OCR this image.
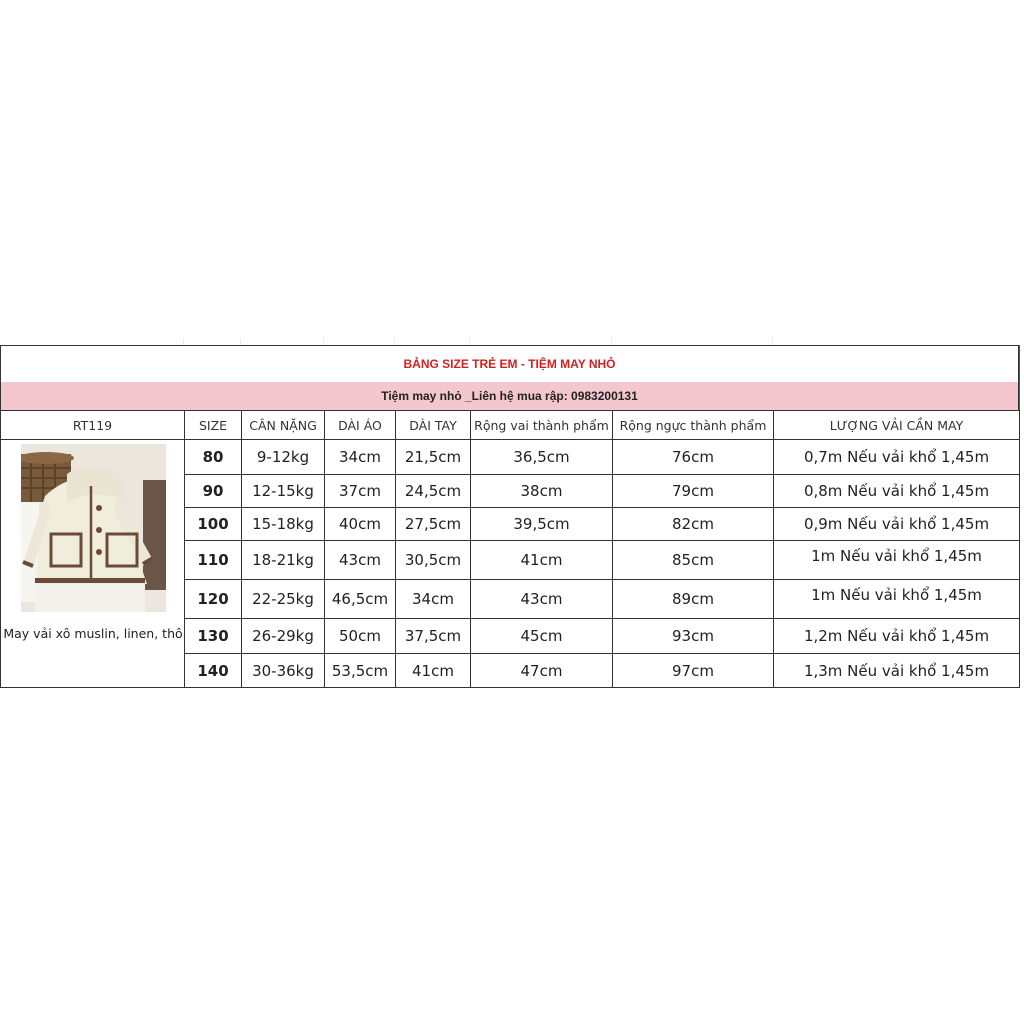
BẢNG SIZE TRẺ EM - TIỆM MAY NHỎ
Tiệm may nhỏ _Liên hệ mua rập: 0983200131
RT119	SIZE	CÂN NẶNG	DÀI ÁO	DÀI TAY	Rộng vai thành phẩm	Rộng ngực thành phẩm	LƯỢNG VẢI CẦN MAY

May vải xô muslin, linen, thô	80	9-12kg	34cm	21,5cm	36,5cm	76cm	0,7m Nếu vải khổ 1,45m
	90	12-15kg	37cm	24,5cm	38cm	79cm	0,8m Nếu vải khổ 1,45m
	100	15-18kg	40cm	27,5cm	39,5cm	82cm	0,9m Nếu vải khổ 1,45m
	110	18-21kg	43cm	30,5cm	41cm	85cm	1m Nếu vải khổ 1,45m
	120	22-25kg	46,5cm	34cm	43cm	89cm	1m Nếu vải khổ 1,45m
	130	26-29kg	50cm	37,5cm	45cm	93cm	1,2m Nếu vải khổ 1,45m
	140	30-36kg	53,5cm	41cm	47cm	97cm	1,3m Nếu vải khổ 1,45m
